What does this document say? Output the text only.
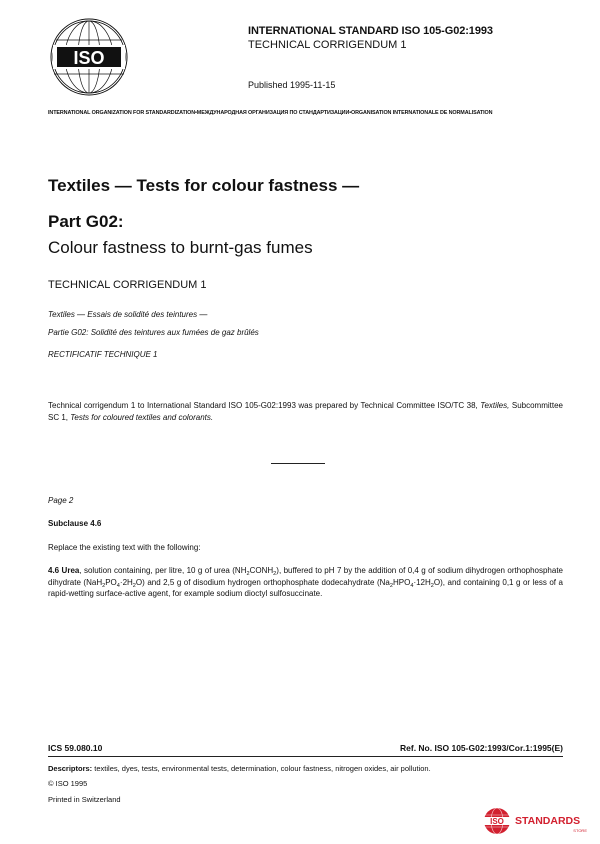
ISO
INTERNATIONAL STANDARD ISO 105-G02:1993
TECHNICAL CORRIGENDUM 1
Published 1995-11-15
INTERNATIONAL ORGANIZATION FOR STANDARDIZATION•МЕЖДУНАРОДНАЯ ОРГАНИЗАЦИЯ ПО СТАНДАРТИЗАЦИИ•ORGANISATION INTERNATIONALE DE NORMALISATION
Textiles — Tests for colour fastness —
Part G02:
Colour fastness to burnt-gas fumes
TECHNICAL CORRIGENDUM 1
Textiles — Essais de solidité des teintures —
Partie G02: Solidité des teintures aux fumées de gaz brûlés
RECTIFICATIF TECHNIQUE 1
Technical corrigendum 1 to International Standard ISO 105-G02:1993 was prepared by Technical Committee ISO/TC 38, Textiles, Subcommittee SC 1, Tests for coloured textiles and colorants.
Page 2
Subclause 4.6
Replace the existing text with the following:
4.6 Urea, solution containing, per litre, 10 g of urea $(NH_2CONH_2)$, buffered to pH 7 by the addition of 0,4 g of sodium dihydrogen orthophosphate dihydrate $(NaH_2PO_4\cdot 2H_2O)$ and 2,5 g of disodium hydrogen orthophosphate dodecahydrate $(Na_2HPO_4\cdot 12H_2O)$, and containing 0,1 g or less of a rapid-wetting surface-active agent, for example sodium dioctyl sulfosuccinate.
ICS 59.080.10	Ref. No. ISO 105-G02:1993/Cor.1:1995(E)
Descriptors: textiles, dyes, tests, environmental tests, determination, colour fastness, nitrogen oxides, air pollution.
© ISO 1995
Printed in Switzerland
ISO STANDARDS
STORE
